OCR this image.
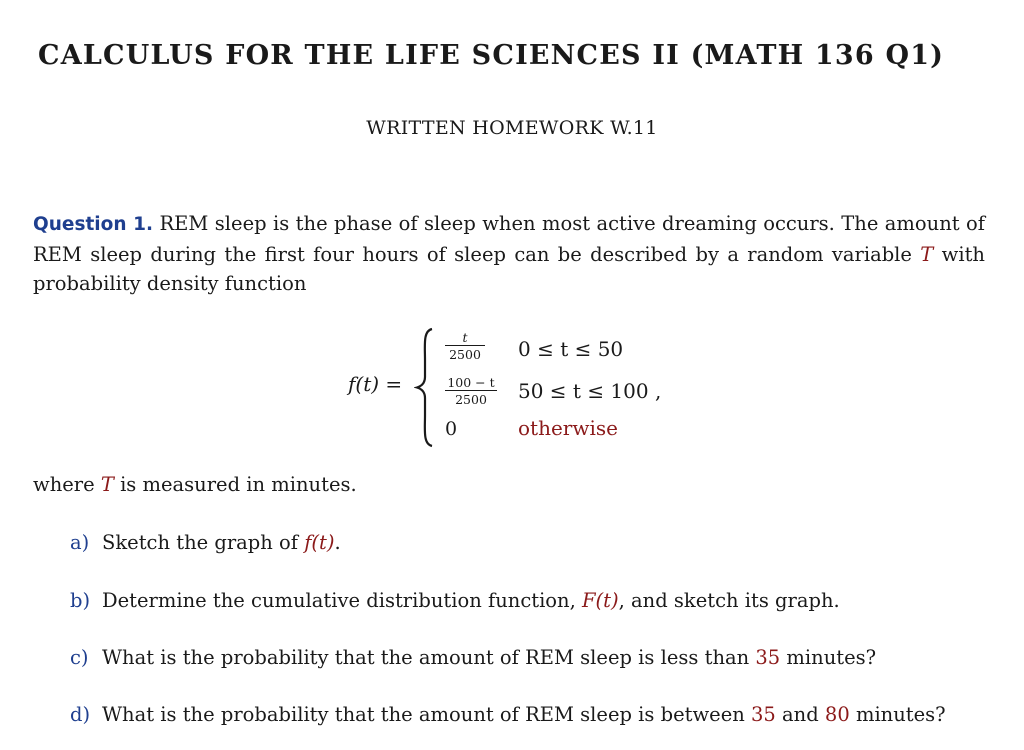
CALCULUS FOR THE LIFE SCIENCES II (MATH 136 Q1)
WRITTEN HOMEWORK W.11
Question 1. REM sleep is the phase of sleep when most active dreaming occurs. The amount of REM sleep during the first four hours of sleep can be described by a random variable T with probability density function
f(t) =
$\frac{t}{2500} 0 \le t \le 50$
$\frac{100 - t}{2500} 50 \le t \le 100$ ,
0	otherwise
where T is measured in minutes.
a) Sketch the graph of f(t).
b) Determine the cumulative distribution function, F(t), and sketch its graph.
c) What is the probability that the amount of REM sleep is less than 35 minutes?
d) What is the probability that the amount of REM sleep is between 35 and 80 minutes?
